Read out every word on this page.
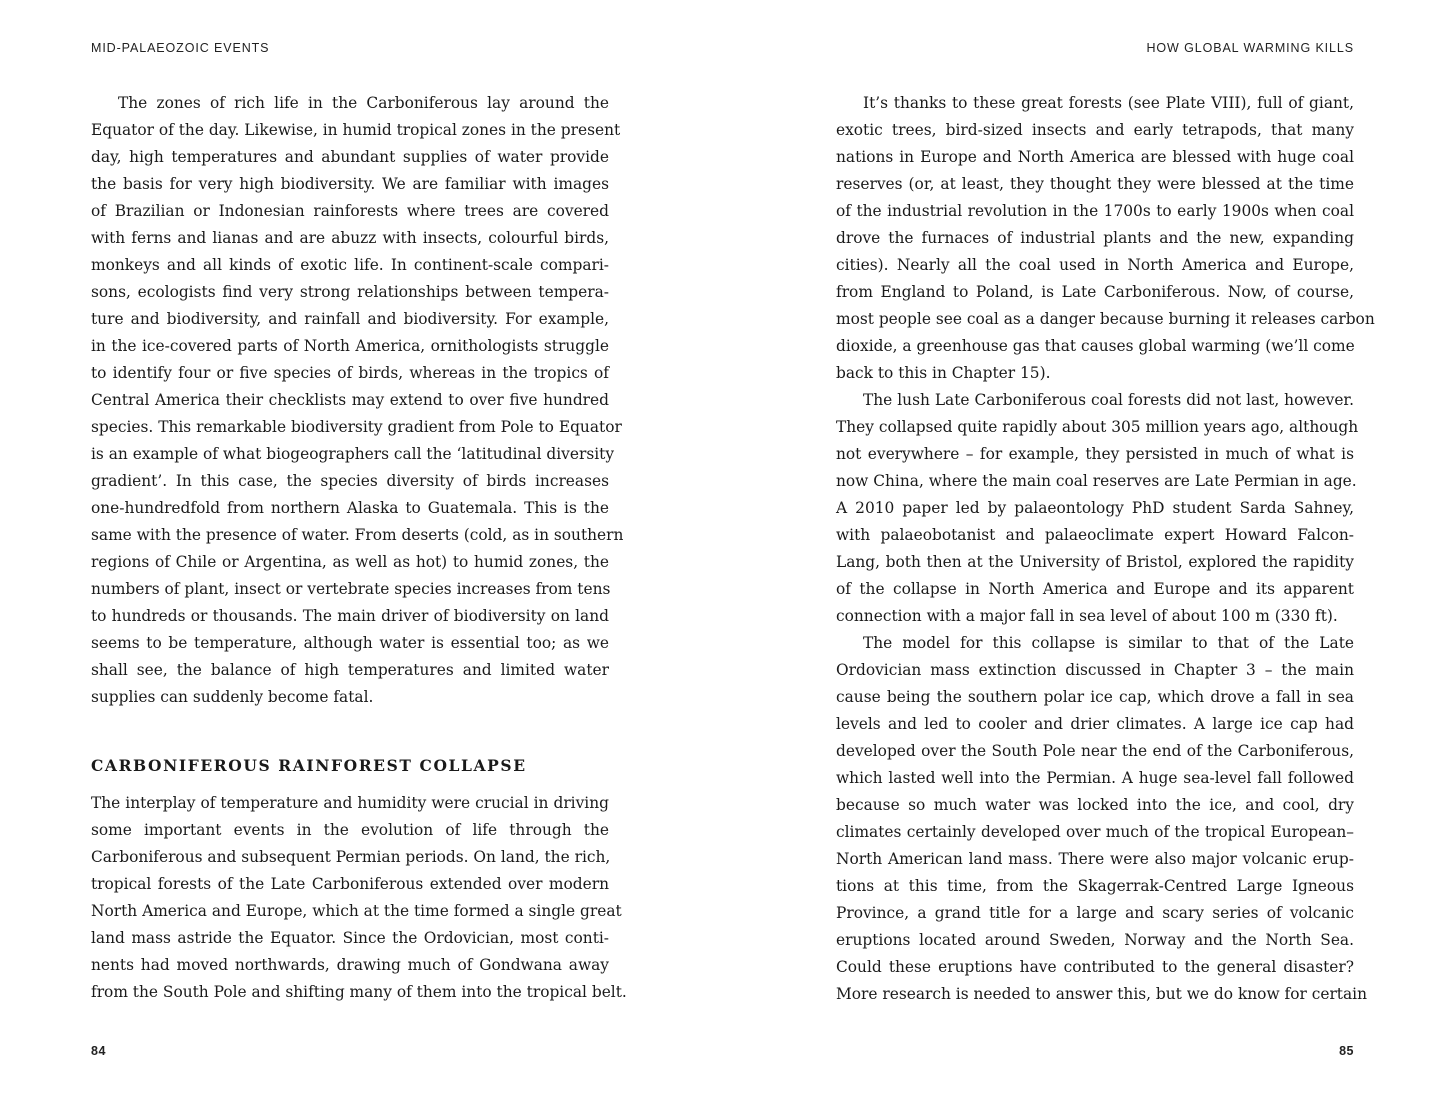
MID-PALAEOZOIC EVENTS
The zones of rich life in the Carboniferous lay around the
Equator of the day. Likewise, in humid tropical zones in the present
day, high temperatures and abundant supplies of water provide
the basis for very high biodiversity. We are familiar with images
of Brazilian or Indonesian rainforests where trees are covered
with ferns and lianas and are abuzz with insects, colourful birds,
monkeys and all kinds of exotic life. In continent-scale compari-
sons, ecologists find very strong relationships between tempera-
ture and biodiversity, and rainfall and biodiversity. For example,
in the ice-covered parts of North America, ornithologists struggle
to identify four or five species of birds, whereas in the tropics of
Central America their checklists may extend to over five hundred
species. This remarkable biodiversity gradient from Pole to Equator
is an example of what biogeographers call the ‘latitudinal diversity
gradient’. In this case, the species diversity of birds increases
one-hundredfold from northern Alaska to Guatemala. This is the
same with the presence of water. From deserts (cold, as in southern
regions of Chile or Argentina, as well as hot) to humid zones, the
numbers of plant, insect or vertebrate species increases from tens
to hundreds or thousands. The main driver of biodiversity on land
seems to be temperature, although water is essential too; as we
shall see, the balance of high temperatures and limited water
supplies can suddenly become fatal.
CARBONIFEROUS RAINFOREST COLLAPSE
The interplay of temperature and humidity were crucial in driving
some important events in the evolution of life through the
Carboniferous and subsequent Permian periods. On land, the rich,
tropical forests of the Late Carboniferous extended over modern
North America and Europe, which at the time formed a single great
land mass astride the Equator. Since the Ordovician, most conti-
nents had moved northwards, drawing much of Gondwana away
from the South Pole and shifting many of them into the tropical belt.
84
HOW GLOBAL WARMING KILLS
It’s thanks to these great forests (see Plate VIII), full of giant,
exotic trees, bird-sized insects and early tetrapods, that many
nations in Europe and North America are blessed with huge coal
reserves (or, at least, they thought they were blessed at the time
of the industrial revolution in the 1700s to early 1900s when coal
drove the furnaces of industrial plants and the new, expanding
cities). Nearly all the coal used in North America and Europe,
from England to Poland, is Late Carboniferous. Now, of course,
most people see coal as a danger because burning it releases carbon
dioxide, a greenhouse gas that causes global warming (we’ll come
back to this in Chapter 15).
The lush Late Carboniferous coal forests did not last, however.
They collapsed quite rapidly about 305 million years ago, although
not everywhere – for example, they persisted in much of what is
now China, where the main coal reserves are Late Permian in age.
A 2010 paper led by palaeontology PhD student Sarda Sahney,
with palaeobotanist and palaeoclimate expert Howard Falcon-
Lang, both then at the University of Bristol, explored the rapidity
of the collapse in North America and Europe and its apparent
connection with a major fall in sea level of about 100 m (330 ft).
The model for this collapse is similar to that of the Late
Ordovician mass extinction discussed in Chapter 3 – the main
cause being the southern polar ice cap, which drove a fall in sea
levels and led to cooler and drier climates. A large ice cap had
developed over the South Pole near the end of the Carboniferous,
which lasted well into the Permian. A huge sea-level fall followed
because so much water was locked into the ice, and cool, dry
climates certainly developed over much of the tropical European–
North American land mass. There were also major volcanic erup-
tions at this time, from the Skagerrak-Centred Large Igneous
Province, a grand title for a large and scary series of volcanic
eruptions located around Sweden, Norway and the North Sea.
Could these eruptions have contributed to the general disaster?
More research is needed to answer this, but we do know for certain
85
